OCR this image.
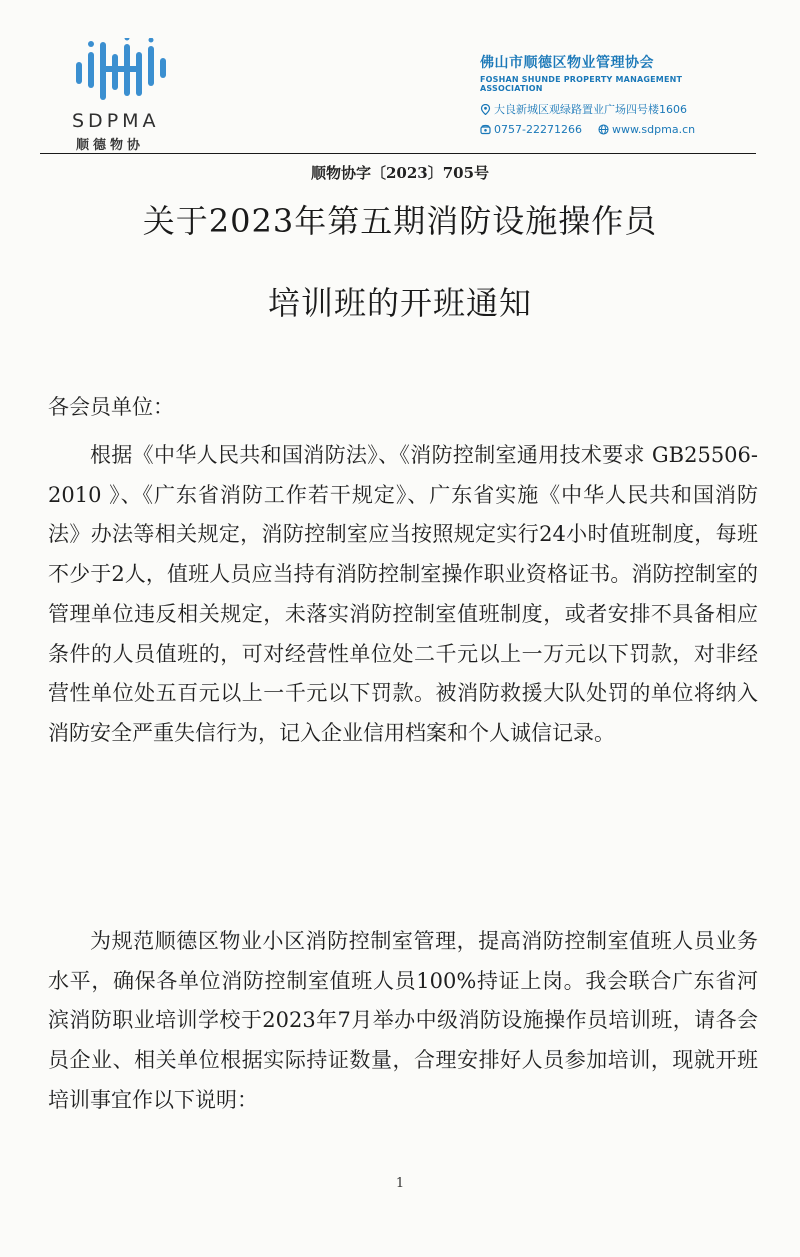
SDPMA
顺德物协
佛山市顺德区物业管理协会
FOSHAN SHUNDE PROPERTY MANAGEMENT ASSOCIATION
大良新城区观绿路置业广场四号楼1606
0757-22271266	www.sdpma.cn
顺物协字〔2023〕705号
关于2023年第五期消防设施操作员
培训班的开班通知
各会员单位：
根据《中华人民共和国消防法》、《消防控制室通用技术要求 GB25506-2010 》、《广东省消防工作若干规定》、广东省实施《中华人民共和国消防法》办法等相关规定，消防控制室应当按照规定实行24小时值班制度，每班不少于2人，值班人员应当持有消防控制室操作职业资格证书。消防控制室的管理单位违反相关规定，未落实消防控制室值班制度，或者安排不具备相应条件的人员值班的，可对经营性单位处二千元以上一万元以下罚款，对非经营性单位处五百元以上一千元以下罚款。被消防救援大队处罚的单位将纳入消防安全严重失信行为，记入企业信用档案和个人诚信记录。
为规范顺德区物业小区消防控制室管理，提高消防控制室值班人员业务水平，确保各单位消防控制室值班人员100%持证上岗。我会联合广东省河滨消防职业培训学校于2023年7月举办中级消防设施操作员培训班，请各会员企业、相关单位根据实际持证数量，合理安排好人员参加培训，现就开班培训事宜作以下说明：
1
